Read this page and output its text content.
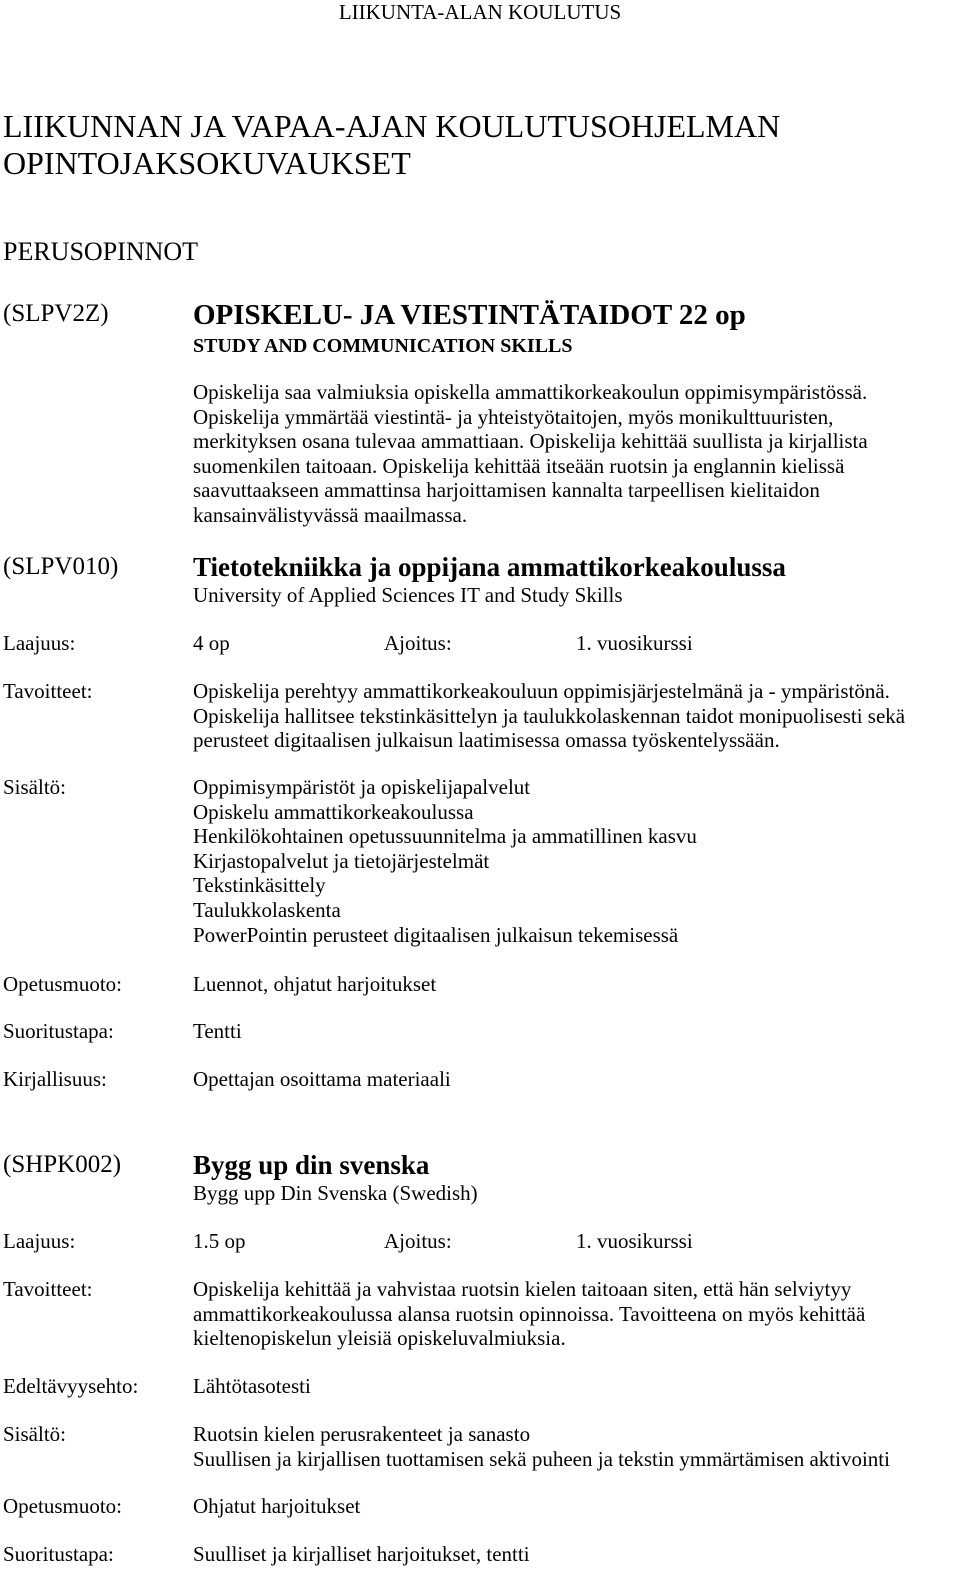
LIIKUNTA-ALAN KOULUTUS
LIIKUNNAN JA VAPAA-AJAN KOULUTUSOHJELMAN
OPINTOJAKSOKUVAUKSET
PERUSOPINNOT
(SLPV2Z)	OPISKELU- JA VIESTINTÄTAIDOT 22 op
STUDY AND COMMUNICATION SKILLS
Opiskelija saa valmiuksia opiskella ammattikorkeakoulun oppimisympäristössä.
Opiskelija ymmärtää viestintä- ja yhteistyötaitojen, myös monikulttuuristen,
merkityksen osana tulevaa ammattiaan. Opiskelija kehittää suullista ja kirjallista
suomenkilen taitoaan. Opiskelija kehittää itseään ruotsin ja englannin kielissä
saavuttaakseen ammattinsa harjoittamisen kannalta tarpeellisen kielitaidon
kansainvälistyvässä maailmassa.
(SLPV010)	Tietotekniikka ja oppijana ammattikorkeakoulussa
University of Applied Sciences IT and Study Skills
Laajuus:	4 op	Ajoitus:	1. vuosikurssi
Tavoitteet:	Opiskelija perehtyy ammattikorkeakouluun oppimisjärjestelmänä ja - ympäristönä.
Opiskelija hallitsee tekstinkäsittelyn ja taulukkolaskennan taidot monipuolisesti sekä
perusteet digitaalisen julkaisun laatimisessa omassa työskentelyssään.
Sisältö:	Oppimisympäristöt ja opiskelijapalvelut
Opiskelu ammattikorkeakoulussa
Henkilökohtainen opetussuunnitelma ja ammatillinen kasvu
Kirjastopalvelut ja tietojärjestelmät
Tekstinkäsittely
Taulukkolaskenta
PowerPointin perusteet digitaalisen julkaisun tekemisessä
Opetusmuoto:	Luennot, ohjatut harjoitukset
Suoritustapa:	Tentti
Kirjallisuus:	Opettajan osoittama materiaali
(SHPK002)	Bygg up din svenska
Bygg upp Din Svenska (Swedish)
Laajuus:	1.5 op	Ajoitus:	1. vuosikurssi
Tavoitteet:	Opiskelija kehittää ja vahvistaa ruotsin kielen taitoaan siten, että hän selviytyy
ammattikorkeakoulussa alansa ruotsin opinnoissa. Tavoitteena on myös kehittää
kieltenopiskelun yleisiä opiskeluvalmiuksia.
Edeltävyysehto:	Lähtötasotesti
Sisältö:	Ruotsin kielen perusrakenteet ja sanasto
Suullisen ja kirjallisen tuottamisen sekä puheen ja tekstin ymmärtämisen aktivointi
Opetusmuoto:	Ohjatut harjoitukset
Suoritustapa:	Suulliset ja kirjalliset harjoitukset, tentti
